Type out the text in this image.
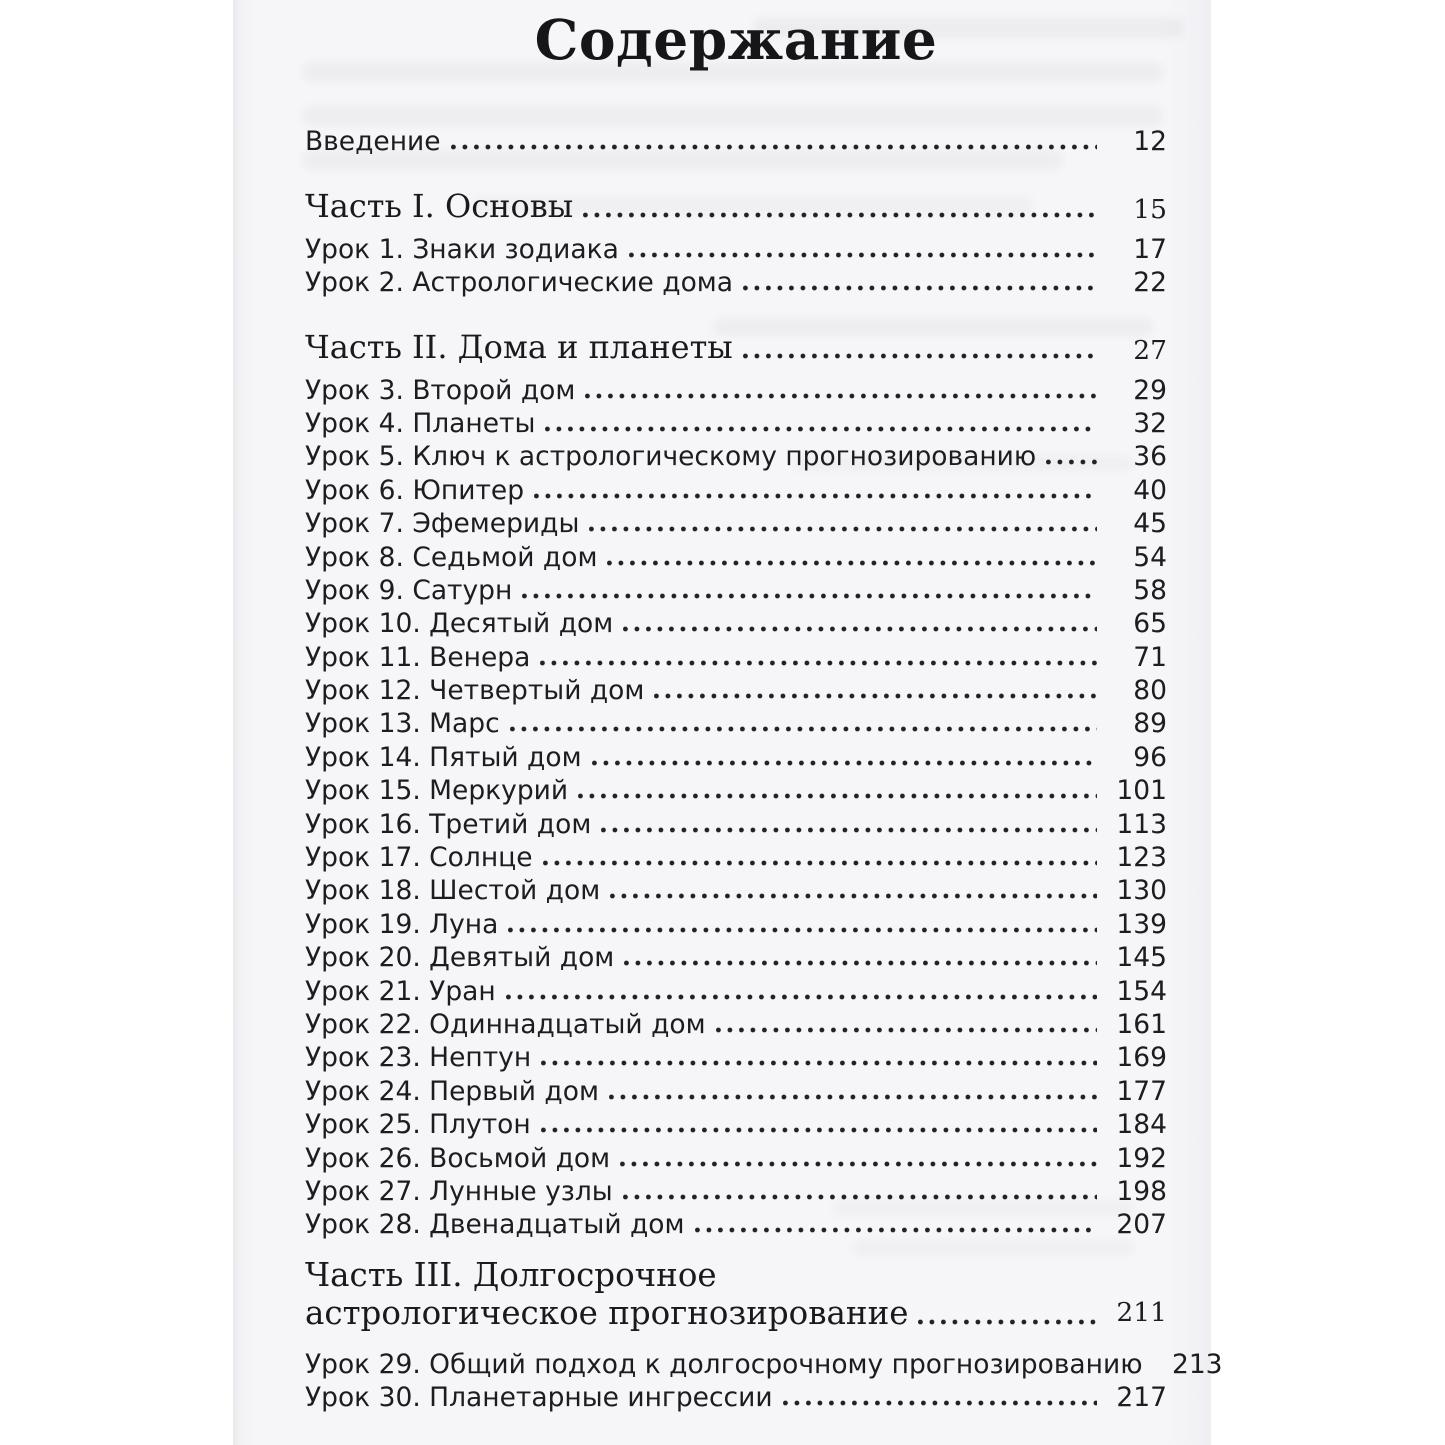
Содержание
Введение	12
Часть I. Основы	15
Урок 1. Знаки зодиака	17
Урок 2. Астрологические дома	22
Часть II. Дома и планеты	27
Урок 3. Второй дом	29
Урок 4. Планеты	32
Урок 5. Ключ к астрологическому прогнозированию	36
Урок 6. Юпитер	40
Урок 7. Эфемериды	45
Урок 8. Седьмой дом	54
Урок 9. Сатурн	58
Урок 10. Десятый дом	65
Урок 11. Венера	71
Урок 12. Четвертый дом	80
Урок 13. Марс	89
Урок 14. Пятый дом	96
Урок 15. Меркурий	101
Урок 16. Третий дом	113
Урок 17. Солнце	123
Урок 18. Шестой дом	130
Урок 19. Луна	139
Урок 20. Девятый дом	145
Урок 21. Уран	154
Урок 22. Одиннадцатый дом	161
Урок 23. Нептун	169
Урок 24. Первый дом	177
Урок 25. Плутон	184
Урок 26. Восьмой дом	192
Урок 27. Лунные узлы	198
Урок 28. Двенадцатый дом	207
Часть III. Долгосрочное
астрологическое прогнозирование	211
Урок 29. Общий подход к долгосрочному прогнозированию 213
Урок 30. Планетарные ингрессии	217
